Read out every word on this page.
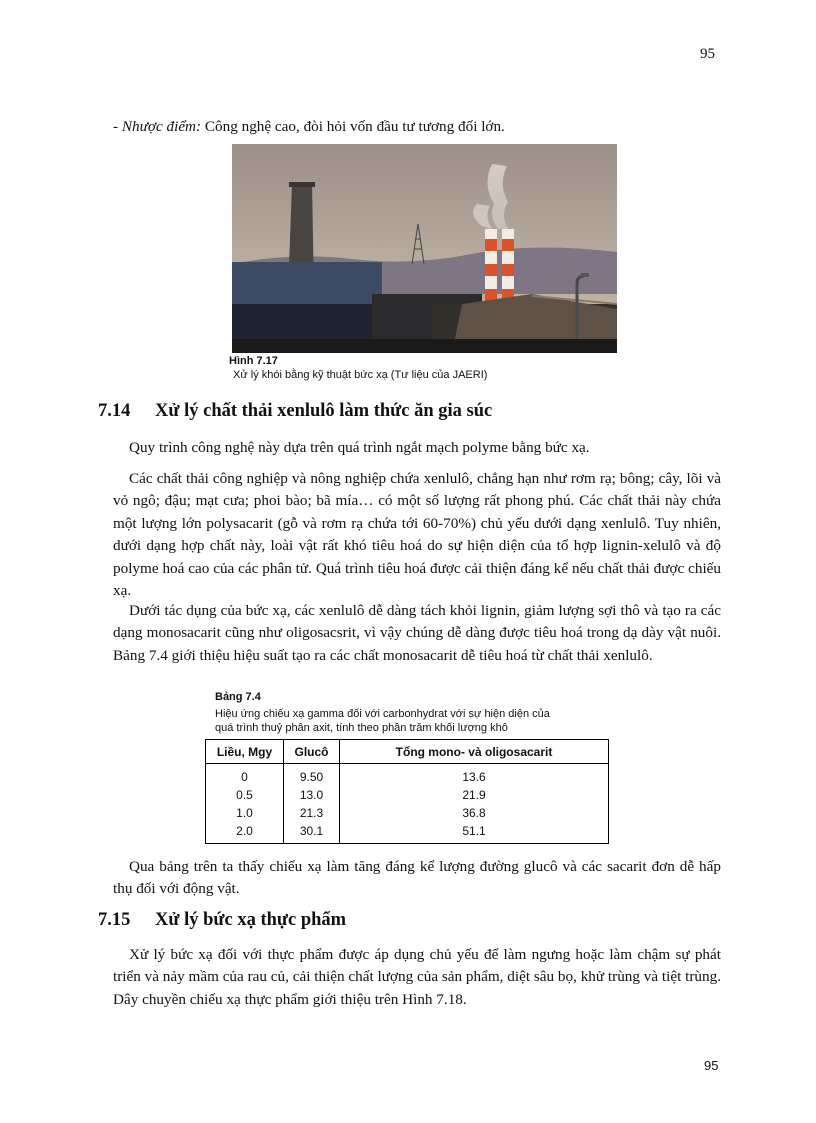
95
- Nhược điểm: Công nghệ cao, đòi hỏi vốn đầu tư tương đối lớn.
Hình 7.17
Xử lý khói bằng kỹ thuật bức xạ (Tư liệu của JAERI)
7.14 Xử lý chất thải xenlulô làm thức ăn gia súc
Quy trình công nghệ này dựa trên quá trình ngắt mạch polyme bằng bức xạ.
Các chất thải công nghiệp và nông nghiệp chứa xenlulô, chẳng hạn như rơm rạ; bông; cây, lõi và vỏ ngô; đậu; mạt cưa; phoi bào; bã mía… có một số lượng rất phong phú. Các chất thải này chứa một lượng lớn polysacarit (gỗ và rơm rạ chứa tới 60-70%) chủ yếu dưới dạng xenlulô. Tuy nhiên, dưới dạng hợp chất này, loài vật rất khó tiêu hoá do sự hiện diện của tổ hợp lignin-xelulô và độ polyme hoá cao của các phân tử. Quá trình tiêu hoá được cải thiện đáng kể nếu chất thải được chiếu xạ.
Dưới tác dụng của bức xạ, các xenlulô dễ dàng tách khỏi lignin, giảm lượng sợi thô và tạo ra các dạng monosacarit cũng như oligosacsrit, vì vậy chúng dễ dàng được tiêu hoá trong dạ dày vật nuôi. Bảng 7.4 giới thiệu hiệu suất tạo ra các chất monosacarit dễ tiêu hoá từ chất thải xenlulô.
Bảng 7.4
Hiệu ứng chiếu xạ gamma đối với carbonhydrat với sự hiện diện của
quá trình thuỷ phân axit, tính theo phần trăm khối lượng khô
Liều, Mgy	Glucô	Tổng mono- và oligosacarit
0	9.50	13.6
0.5	13.0	21.9
1.0	21.3	36.8
2.0	30.1	51.1
Qua bảng trên ta thấy chiếu xạ làm tăng đáng kể lượng đường glucô và các sacarit đơn dễ hấp thụ đối với động vật.
7.15 Xử lý bức xạ thực phẩm
Xử lý bức xạ đối với thực phẩm được áp dụng chủ yếu để làm ngưng hoặc làm chậm sự phát triển và nảy mầm của rau củ, cải thiện chất lượng của sản phẩm, diệt sâu bọ, khử trùng và tiệt trùng. Dây chuyền chiếu xạ thực phẩm giới thiệu trên Hình 7.18.
95
